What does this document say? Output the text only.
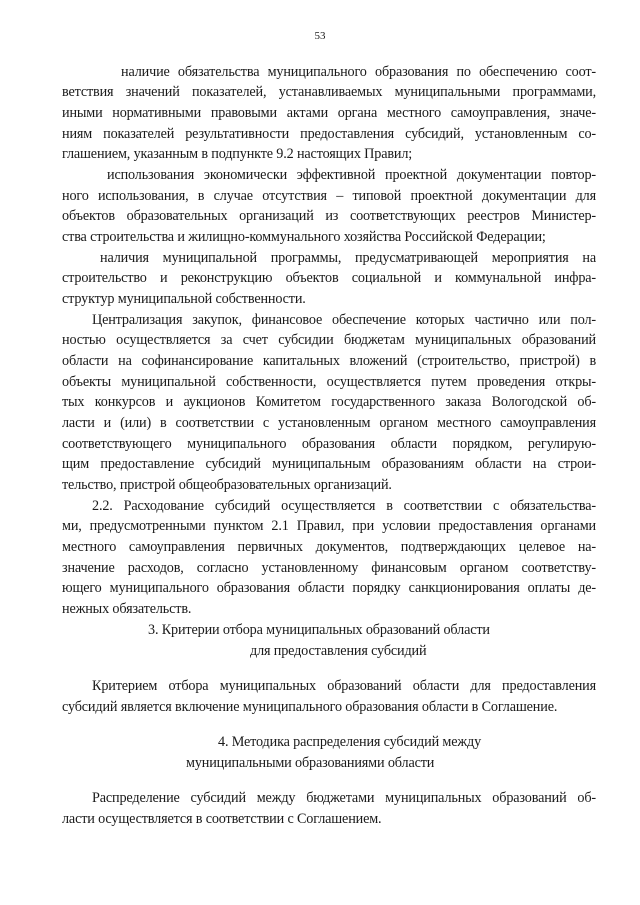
53
наличие обязательства муниципального образования по обеспечению соот-
ветствия значений показателей, устанавливаемых муниципальными программами,
иными нормативными правовыми актами органа местного самоуправления, значе-
ниям показателей результативности предоставления субсидий, установленным со-
глашением, указанным в подпункте 9.2 настоящих Правил;
использования экономически эффективной проектной документации повтор-
ного использования, в случае отсутствия – типовой проектной документации для
объектов образовательных организаций из соответствующих реестров Министер-
ства строительства и жилищно-коммунального хозяйства Российской Федерации;
наличия муниципальной программы, предусматривающей мероприятия на
строительство и реконструкцию объектов социальной и коммунальной инфра-
структур муниципальной собственности.
Централизация закупок, финансовое обеспечение которых частично или пол-
ностью осуществляется за счет субсидии бюджетам муниципальных образований
области на софинансирование капитальных вложений (строительство, пристрой) в
объекты муниципальной собственности, осуществляется путем проведения откры-
тых конкурсов и аукционов Комитетом государственного заказа Вологодской об-
ласти и (или) в соответствии с установленным органом местного самоуправления
соответствующего муниципального образования области порядком, регулирую-
щим предоставление субсидий муниципальным образованиям области на строи-
тельство, пристрой общеобразовательных организаций.
2.2. Расходование субсидий осуществляется в соответствии с обязательства-
ми, предусмотренными пунктом 2.1 Правил, при условии предоставления органами
местного самоуправления первичных документов, подтверждающих целевое на-
значение расходов, согласно установленному финансовым органом соответству-
ющего муниципального образования области порядку санкционирования оплаты де-
нежных обязательств.
3. Критерии отбора муниципальных образований области
для предоставления субсидий
Критерием отбора муниципальных образований области для предоставления
субсидий является включение муниципального образования области в Соглашение.
4. Методика распределения субсидий между
муниципальными образованиями области
Распределение субсидий между бюджетами муниципальных образований об-
ласти осуществляется в соответствии с Соглашением.
